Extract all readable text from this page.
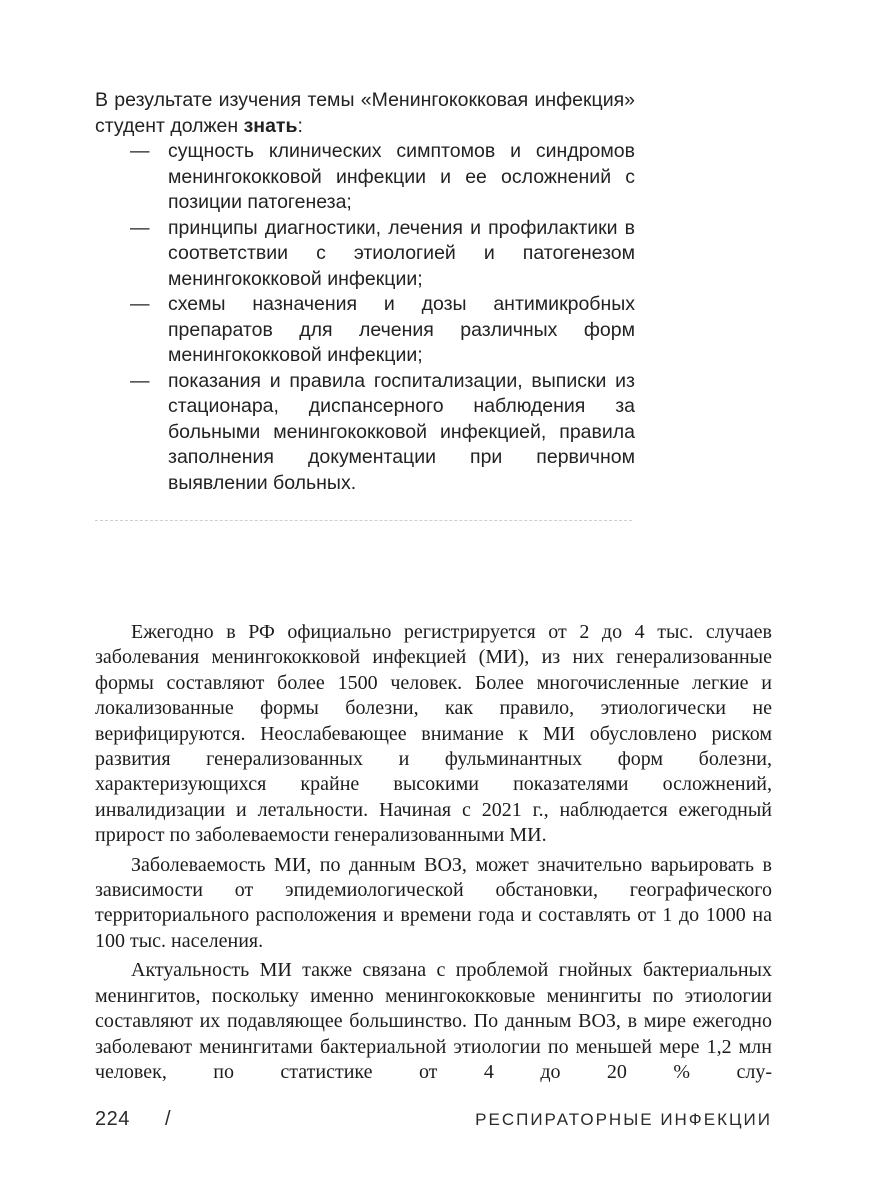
В результате изучения темы «Менингококковая инфекция» студент должен знать:

— сущность клинических симптомов и синдромов менингококковой инфекции и ее осложнений с позиции патогенеза;
— принципы диагностики, лечения и профилактики в соответствии с этиологией и патогенезом менингококковой инфекции;
— схемы назначения и дозы антимикробных препаратов для лечения различных форм менингококковой инфекции;
— показания и правила госпитализации, выписки из стационара, диспансерного наблюдения за больными менингококковой инфекцией, правила заполнения документации при первичном выявлении больных.

Ежегодно в РФ официально регистрируется от 2 до 4 тыс. случаев заболевания менингококковой инфекцией (МИ), из них генерализованные формы составляют более 1500 человек. Более многочисленные легкие и локализованные формы болезни, как правило, этиологически не верифицируются. Неослабевающее внимание к МИ обусловлено риском развития генерализованных и фульминантных форм болезни, характеризующихся крайне высокими показателями осложнений, инвалидизации и летальности. Начиная с 2021 г., наблюдается ежегодный прирост по заболеваемости генерализованными МИ.

Заболеваемость МИ, по данным ВОЗ, может значительно варьировать в зависимости от эпидемиологической обстановки, географического территориального расположения и времени года и составлять от 1 до 1000 на 100 тыс. населения.

Актуальность МИ также связана с проблемой гнойных бактериальных менингитов, поскольку именно менингококковые менингиты по этиологии составляют их подавляющее большинство. По данным ВОЗ, в мире ежегодно заболевают менингитами бактериальной этиологии по меньшей мере 1,2 млн человек, по статистике от 4 до 20 % слу-

224 /	РЕСПИРАТОРНЫЕ ИНФЕКЦИИ
